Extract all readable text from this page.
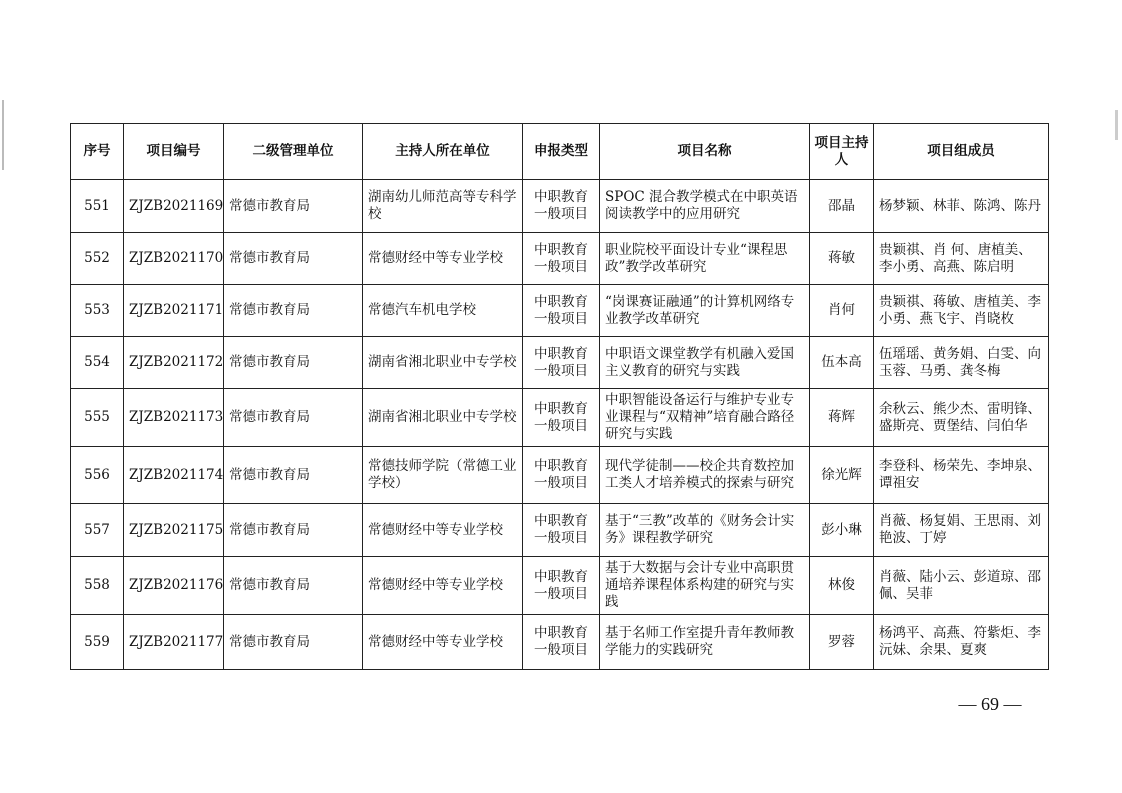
序号	项目编号	二级管理单位	主持人所在单位	申报类型	项目名称	项目主持人	项目组成员
551	ZJZB2021169	常德市教育局	湖南幼儿师范高等专科学校	中职教育一般项目	SPOC 混合教学模式在中职英语阅读教学中的应用研究	邵晶	杨梦颖、林菲、陈鸿、陈丹
552	ZJZB2021170	常德市教育局	常德财经中等专业学校	中职教育一般项目	职业院校平面设计专业“课程思政”教学改革研究	蒋敏	贵颖祺、肖 何、唐植美、李小勇、高燕、陈启明
553	ZJZB2021171	常德市教育局	常德汽车机电学校	中职教育一般项目	“岗课赛证融通”的计算机网络专业教学改革研究	肖何	贵颖祺、蒋敏、唐植美、李小勇、燕飞宇、肖晓枚
554	ZJZB2021172	常德市教育局	湖南省湘北职业中专学校	中职教育一般项目	中职语文课堂教学有机融入爱国主义教育的研究与实践	伍本高	伍瑶瑶、黄务娟、白雯、向玉蓉、马勇、龚冬梅
555	ZJZB2021173	常德市教育局	湖南省湘北职业中专学校	中职教育一般项目	中职智能设备运行与维护专业专业课程与“双精神”培育融合路径研究与实践	蒋辉	余秋云、熊少杰、雷明锋、盛斯亮、贾堡结、闫伯华
556	ZJZB2021174	常德市教育局	常德技师学院（常德工业学校）	中职教育一般项目	现代学徒制——校企共育数控加工类人才培养模式的探索与研究	徐光辉	李登科、杨荣先、李坤泉、谭祖安
557	ZJZB2021175	常德市教育局	常德财经中等专业学校	中职教育一般项目	基于“三教”改革的《财务会计实务》课程教学研究	彭小琳	肖薇、杨复娟、王思雨、刘艳波、丁婷
558	ZJZB2021176	常德市教育局	常德财经中等专业学校	中职教育一般项目	基于大数据与会计专业中高职贯通培养课程体系构建的研究与实践	林俊	肖薇、陆小云、彭道琼、邵佩、吴菲
559	ZJZB2021177	常德市教育局	常德财经中等专业学校	中职教育一般项目	基于名师工作室提升青年教师教学能力的实践研究	罗蓉	杨鸿平、高燕、符紫炬、李沅妹、余果、夏爽
— 69 —
